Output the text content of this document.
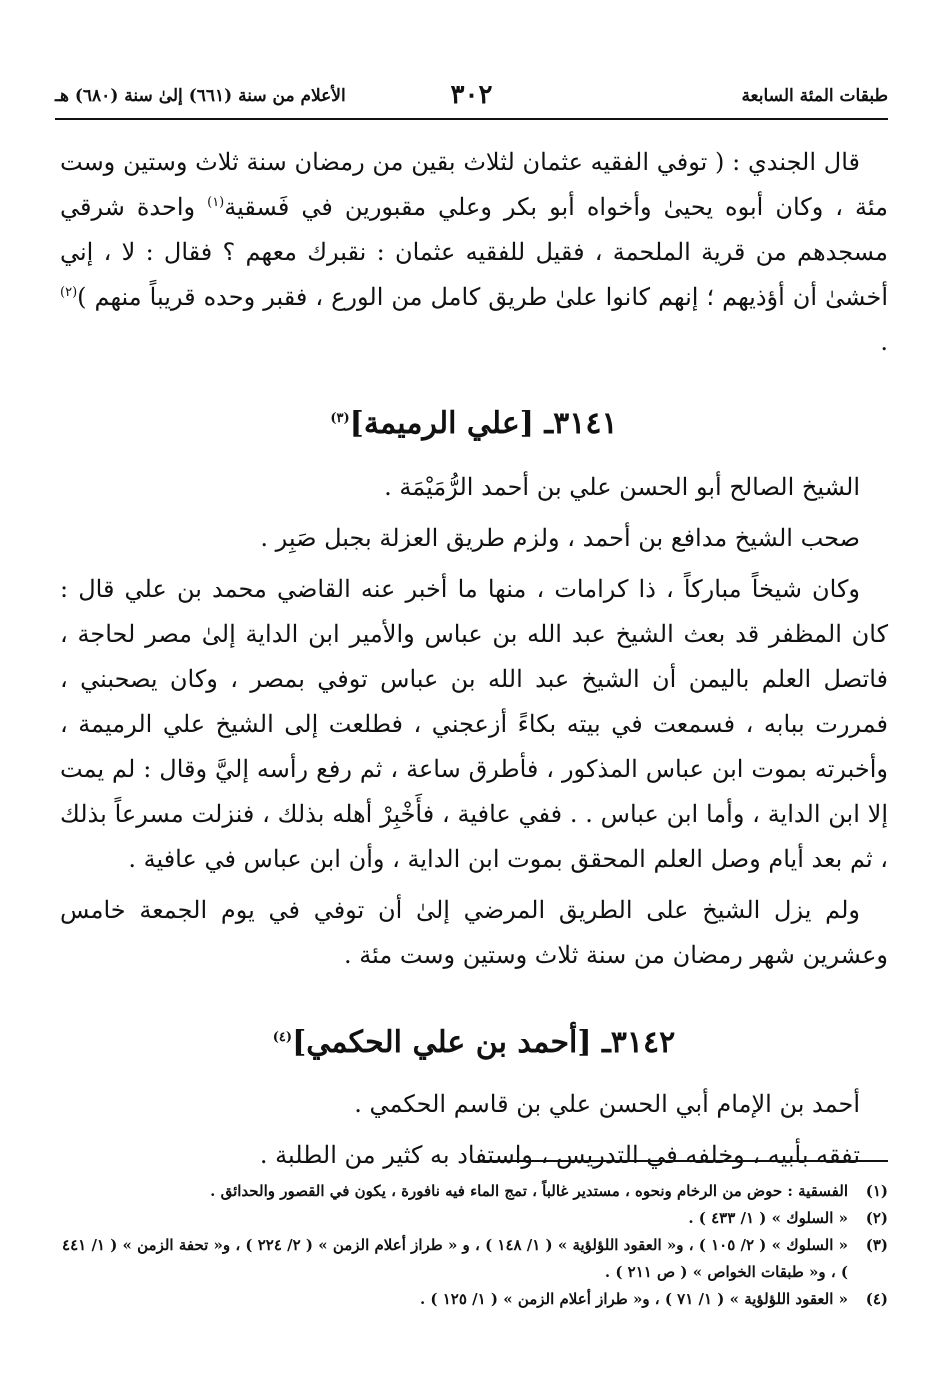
طبقات المئة السابعة
٣٠٢
الأعلام من سنة (٦٦١) إلىٰ سنة (٦٨٠) هـ

قال الجندي : ( توفي الفقيه عثمان لثلاث بقين من رمضان سنة ثلاث وستين وست مئة ، وكان أبوه يحيىٰ وأخواه أبو بكر وعلي مقبورين في فَسقية$^{(١)}$ واحدة شرقي مسجدهم من قرية الملحمة ، فقيل للفقيه عثمان : نقبرك معهم ؟ فقال : لا ، إني أخشىٰ أن أؤذيهم ؛ إنهم كانوا علىٰ طريق كامل من الورع ، فقبر وحده قريباً منهم )$^{(٢)}$ .

٣١٤١ـ [علي الرميمة]$^{(٣)}$

الشيخ الصالح أبو الحسن علي بن أحمد الرُّمَيْمَة .

صحب الشيخ مدافع بن أحمد ، ولزم طريق العزلة بجبل صَبِر .

وكان شيخاً مباركاً ، ذا كرامات ، منها ما أخبر عنه القاضي محمد بن علي قال : كان المظفر قد بعث الشيخ عبد الله بن عباس والأمير ابن الداية إلىٰ مصر لحاجة ، فاتصل العلم باليمن أن الشيخ عبد الله بن عباس توفي بمصر ، وكان يصحبني ، فمررت ببابه ، فسمعت في بيته بكاءً أزعجني ، فطلعت إلى الشيخ علي الرميمة ، وأخبرته بموت ابن عباس المذكور ، فأطرق ساعة ، ثم رفع رأسه إليَّ وقال : لم يمت إلا ابن الداية ، وأما ابن عباس . . ففي عافية ، فأَخْبِرْ أهله بذلك ، فنزلت مسرعاً بذلك ، ثم بعد أيام وصل العلم المحقق بموت ابن الداية ، وأن ابن عباس في عافية .

ولم يزل الشيخ على الطريق المرضي إلىٰ أن توفي في يوم الجمعة خامس وعشرين شهر رمضان من سنة ثلاث وستين وست مئة .

٣١٤٢ـ [أحمد بن علي الحكمي]$^{(٤)}$

أحمد بن الإمام أبي الحسن علي بن قاسم الحكمي .

تفقه بأبيه ، وخلفه في التدريس ، واستفاد به كثير من الطلبة .

(١)
الفسقية : حوض من الرخام ونحوه ، مستدير غالباً ، تمج الماء فيه نافورة ، يكون في القصور والحدائق .
(٢)
« السلوك » ( ١/ ٤٣٣ ) .
(٣)
« السلوك » ( ٢/ ١٠٥ ) ، و« العقود اللؤلؤية » ( ١/ ١٤٨ ) ، و « طراز أعلام الزمن » ( ٢/ ٢٢٤ ) ، و« تحفة الزمن » ( ١/ ٤٤١ ) ، و« طبقات الخواص » ( ص ٢١١ ) .
(٤)
« العقود اللؤلؤية » ( ١/ ٧١ ) ، و« طراز أعلام الزمن » ( ١/ ١٢٥ ) .
